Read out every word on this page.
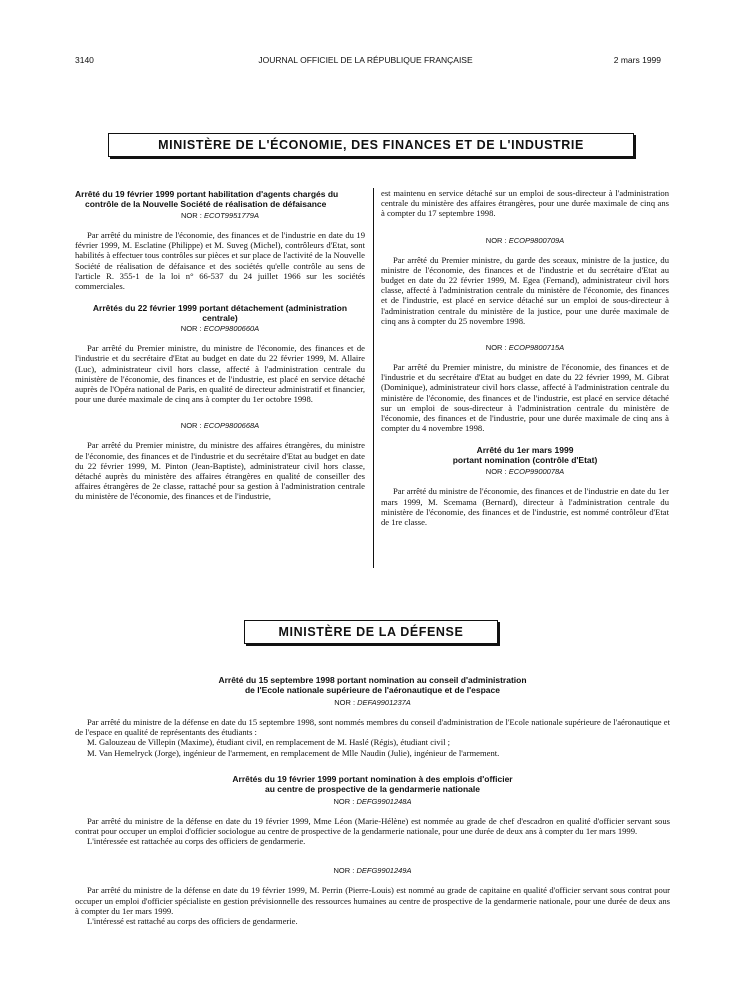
3140	JOURNAL OFFICIEL DE LA RÉPUBLIQUE FRANÇAISE	2 mars 1999
MINISTÈRE DE L'ÉCONOMIE, DES FINANCES ET DE L'INDUSTRIE
Arrêté du 19 février 1999 portant habilitation d'agents chargés du contrôle de la Nouvelle Société de réalisation de défaisance
NOR : ECOT9951779A
Par arrêté du ministre de l'économie, des finances et de l'industrie en date du 19 février 1999, M. Esclatine (Philippe) et M. Suveg (Michel), contrôleurs d'Etat, sont habilités à effectuer tous contrôles sur pièces et sur place de l'activité de la Nouvelle Société de réalisation de défaisance et des sociétés qu'elle contrôle au sens de l'article R. 355-1 de la loi n° 66-537 du 24 juillet 1966 sur les sociétés commerciales.
Arrêtés du 22 février 1999 portant détachement (administration centrale)
NOR : ECOP9800660A
Par arrêté du Premier ministre, du ministre de l'économie, des finances et de l'industrie et du secrétaire d'Etat au budget en date du 22 février 1999, M. Allaire (Luc), administrateur civil hors classe, affecté à l'administration centrale du ministère de l'économie, des finances et de l'industrie, est placé en service détaché auprès de l'Opéra national de Paris, en qualité de directeur administratif et financier, pour une durée maximale de cinq ans à compter du 1er octobre 1998.
NOR : ECOP9800668A
Par arrêté du Premier ministre, du ministre des affaires étrangères, du ministre de l'économie, des finances et de l'industrie et du secrétaire d'Etat au budget en date du 22 février 1999, M. Pinton (Jean-Baptiste), administrateur civil hors classe, détaché auprès du ministère des affaires étrangères en qualité de conseiller des affaires étrangères de 2e classe, rattaché pour sa gestion à l'administration centrale du ministère de l'économie, des finances et de l'industrie,
est maintenu en service détaché sur un emploi de sous-directeur à l'administration centrale du ministère des affaires étrangères, pour une durée maximale de cinq ans à compter du 17 septembre 1998.
NOR : ECOP9800709A
Par arrêté du Premier ministre, du garde des sceaux, ministre de la justice, du ministre de l'économie, des finances et de l'industrie et du secrétaire d'Etat au budget en date du 22 février 1999, M. Egea (Fernand), administrateur civil hors classe, affecté à l'administration centrale du ministère de l'économie, des finances et de l'industrie, est placé en service détaché sur un emploi de sous-directeur à l'administration centrale du ministère de la justice, pour une durée maximale de cinq ans à compter du 25 novembre 1998.
NOR : ECOP9800715A
Par arrêté du Premier ministre, du ministre de l'économie, des finances et de l'industrie et du secrétaire d'Etat au budget en date du 22 février 1999, M. Gibrat (Dominique), administrateur civil hors classe, affecté à l'administration centrale du ministère de l'économie, des finances et de l'industrie, est placé en service détaché sur un emploi de sous-directeur à l'administration centrale du ministère de l'économie, des finances et de l'industrie, pour une durée maximale de cinq ans à compter du 4 novembre 1998.
Arrêté du 1er mars 1999
portant nomination (contrôle d'Etat)
NOR : ECOP9900078A
Par arrêté du ministre de l'économie, des finances et de l'industrie en date du 1er mars 1999, M. Scemama (Bernard), directeur à l'administration centrale du ministère de l'économie, des finances et de l'industrie, est nommé contrôleur d'Etat de 1re classe.
MINISTÈRE DE LA DÉFENSE
Arrêté du 15 septembre 1998 portant nomination au conseil d'administration
de l'Ecole nationale supérieure de l'aéronautique et de l'espace
NOR : DEFA9901237A
Par arrêté du ministre de la défense en date du 15 septembre 1998, sont nommés membres du conseil d'administration de l'Ecole nationale supérieure de l'aéronautique et de l'espace en qualité de représentants des étudiants :
M. Galouzeau de Villepin (Maxime), étudiant civil, en remplacement de M. Haslé (Régis), étudiant civil ;
M. Van Hemelryck (Jorge), ingénieur de l'armement, en remplacement de Mlle Naudin (Julie), ingénieur de l'armement.
Arrêtés du 19 février 1999 portant nomination à des emplois d'officier
au centre de prospective de la gendarmerie nationale
NOR : DEFG9901248A
Par arrêté du ministre de la défense en date du 19 février 1999, Mme Léon (Marie-Hélène) est nommée au grade de chef d'escadron en qualité d'officier servant sous contrat pour occuper un emploi d'officier sociologue au centre de prospective de la gendarmerie nationale, pour une durée de deux ans à compter du 1er mars 1999.
L'intéressée est rattachée au corps des officiers de gendarmerie.
NOR : DEFG9901249A
Par arrêté du ministre de la défense en date du 19 février 1999, M. Perrin (Pierre-Louis) est nommé au grade de capitaine en qualité d'officier servant sous contrat pour occuper un emploi d'officier spécialiste en gestion prévisionnelle des ressources humaines au centre de prospective de la gendarmerie nationale, pour une durée de deux ans à compter du 1er mars 1999.
L'intéressé est rattaché au corps des officiers de gendarmerie.
